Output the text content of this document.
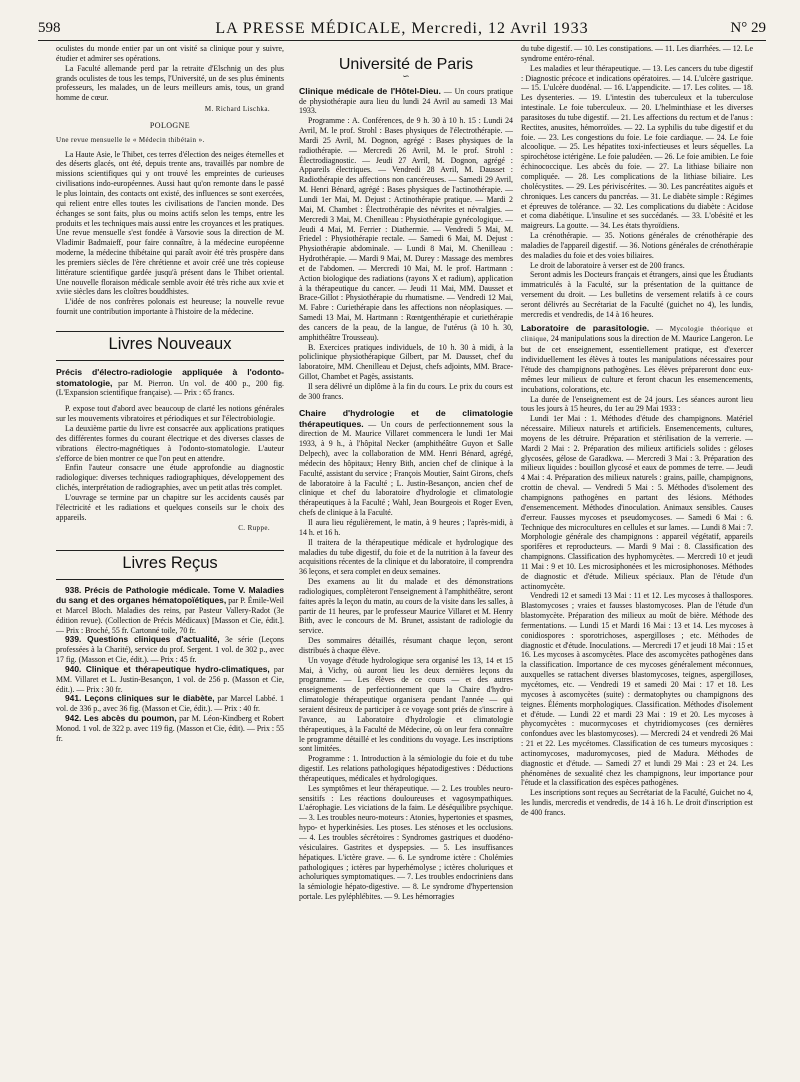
598	LA PRESSE MÉDICALE, Mercredi, 12 Avril 1933	N° 29

oculistes du monde entier par un ont visité sa clinique pour y suivre, étudier et admirer ses opérations.

La Faculté allemande perd par la retraite d'Elschnig un des plus grands oculistes de tous les temps, l'Université, un de ses plus éminents professeurs, les malades, un de leurs meilleurs amis, tous, un grand homme de cœur.

M. Richard Lischka.
POLOGNE
Une revue mensuelle le « Médecin thibétain ».

La Haute Asie, le Thibet, ces terres d'élection des neiges éternelles et des déserts glacés, ont été, depuis trente ans, travaillés par nombre de missions scientifiques qui y ont trouvé les empreintes de curieuses civilisations indo-européennes. Aussi haut qu'on remonte dans le passé le plus lointain, des contacts ont existé, des influences se sont exercées, qui relient entre elles toutes les civilisations de l'ancien monde. Des échanges se sont faits, plus ou moins actifs selon les temps, entre les produits et les techniques mais aussi entre les croyances et les pratiques. Une revue mensuelle s'est fondée à Varsovie sous la direction de M. Vladimir Badmaieff, pour faire connaître, à la médecine européenne moderne, la médecine thibétaine qui paraît avoir été très prospère dans les premiers siècles de l'ère chrétienne et avoir créé une très copieuse littérature scientifique gardée jusqu'à présent dans le Thibet oriental. Une nouvelle floraison médicale semble avoir été très riche aux xvie et xviie siècles dans les cloîtres bouddhistes.

L'idée de nos confrères polonais est heureuse; la nouvelle revue fournit une contribution importante à l'histoire de la médecine.

Livres Nouveaux

Précis d'électro-radiologie appliquée à l'odonto-stomatologie, par M. Pierron. Un vol. de 400 p., 200 fig. (L'Expansion scientifique française). — Prix : 65 francs.

P. expose tout d'abord avec beaucoup de clarté les notions générales sur les mouvements vibratoires et périodiques et sur l'électrobiologie.

La deuxième partie du livre est consacrée aux applications pratiques des différentes formes du courant électrique et des diverses classes de vibrations électro-magnétiques à l'odonto-stomatologie. L'auteur s'efforce de bien montrer ce que l'on peut en attendre.

Enfin l'auteur consacre une étude approfondie au diagnostic radiologique: diverses techniques radiographiques, développement des clichés, interprétation de radiographies, avec un petit atlas très complet.

L'ouvrage se termine par un chapitre sur les accidents causés par l'électricité et les radiations et quelques conseils sur le choix des appareils.

C. Ruppe.
Livres Reçus

938. Précis de Pathologie médicale. Tome V. Maladies du sang et des organes hématopoïétiques, par P. Émile-Weil et Marcel Bloch. Maladies des reins, par Pasteur Vallery-Radot (3e édition revue). (Collection de Précis Médicaux) [Masson et Cie, édit.]. — Prix : Broché, 55 fr. Cartonné toile, 70 fr.

939. Questions cliniques d'actualité, 3e série (Leçons professées à la Charité), service du prof. Sergent. 1 vol. de 302 p., avec 17 fig. (Masson et Cie, édit.). — Prix : 45 fr.

940. Clinique et thérapeutique hydro-climatiques, par MM. Villaret et L. Justin-Besançon, 1 vol. de 256 p. (Masson et Cie, édit.). — Prix : 30 fr.

941. Leçons cliniques sur le diabète, par Marcel Labbé. 1 vol. de 336 p., avec 36 fig. (Masson et Cie, édit.). — Prix : 40 fr.

942. Les abcès du poumon, par M. Léon-Kindberg et Robert Monod. 1 vol. de 322 p. avec 119 fig. (Masson et Cie, édit). — Prix : 55 fr.

Université de Paris
∽

Clinique médicale de l'Hôtel-Dieu. — Un cours pratique de physiothérapie aura lieu du lundi 24 Avril au samedi 13 Mai 1933.

Programme : A. Conférences, de 9 h. 30 à 10 h. 15 : Lundi 24 Avril, M. le prof. Strohl : Bases physiques de l'électrothérapie. — Mardi 25 Avril, M. Dognon, agrégé : Bases physiques de la radiothérapie. — Mercredi 26 Avril, M. le prof. Strohl : Électrodiagnostic. — Jeudi 27 Avril, M. Dognon, agrégé : Appareils électriques. — Vendredi 28 Avril, M. Dausset : Radiothérapie des affections non cancéreuses. — Samedi 29 Avril, M. Henri Bénard, agrégé : Bases physiques de l'actinothérapie. — Lundi 1er Mai, M. Dejust : Actinothérapie pratique. — Mardi 2 Mai, M. Chambet : Électrothérapie des névrites et névralgies. — Mercredi 3 Mai, M. Chenilleau : Physiothérapie gynécologique. — Jeudi 4 Mai, M. Ferrier : Diathermie. — Vendredi 5 Mai, M. Friedel : Physiothérapie rectale. — Samedi 6 Mai, M. Dejust : Physiothérapie abdominale. — Lundi 8 Mai, M. Chenilleau : Hydrothérapie. — Mardi 9 Mai, M. Durey : Massage des membres et de l'abdomen. — Mercredi 10 Mai, M. le prof. Hartmann : Action biologique des radiations (rayons X et radium), application à la thérapeutique du cancer. — Jeudi 11 Mai, MM. Dausset et Brace-Gillot : Physiothérapie du rhumatisme. — Vendredi 12 Mai, M. Fabre : Curiethérapie dans les affections non néoplasiques. — Samedi 13 Mai, M. Hartmann : Rœntgenthérapie et curiethérapie des cancers de la peau, de la langue, de l'utérus (à 10 h. 30, amphithéâtre Trousseau).

B. Exercices pratiques individuels, de 10 h. 30 à midi, à la policlinique physiothérapique Gilbert, par M. Dausset, chef du laboratoire, MM. Chenilleau et Dejust, chefs adjoints, MM. Brace-Gillot, Chambet et Pagès, assistants.

Il sera délivré un diplôme à la fin du cours. Le prix du cours est de 300 francs.

Chaire d'hydrologie et de climatologie thérapeutiques. — Un cours de perfectionnement sous la direction de M. Maurice Villaret commencera le lundi 1er Mai 1933, à 9 h., à l'hôpital Necker (amphithéâtre Guyon et Salle Delpech), avec la collaboration de MM. Henri Bénard, agrégé, médecin des hôpitaux; Henry Bith, ancien chef de clinique à la Faculté, assistant du service ; François Moutier, Saint Girons, chefs de laboratoire à la Faculté ; L. Justin-Besançon, ancien chef de clinique et chef du laboratoire d'hydrologie et climatologie thérapeutiques à la Faculté ; Wahl, Jean Bourgeois et Roger Even, chefs de clinique à la Faculté.

Il aura lieu régulièrement, le matin, à 9 heures ; l'après-midi, à 14 h. et 16 h.

Il traitera de la thérapeutique médicale et hydrologique des maladies du tube digestif, du foie et de la nutrition à la faveur des acquisitions récentes de la clinique et du laboratoire, il comprendra 36 leçons, et sera complet en deux semaines.

Des examens au lit du malade et des démonstrations radiologiques, complèteront l'enseignement à l'amphithéâtre, seront faites après la leçon du matin, au cours de la visite dans les salles, à partir de 11 heures, par le professeur Maurice Villaret et M. Henry Bith, avec le concours de M. Brunet, assistant de radiologie du service.

Des sommaires détaillés, résumant chaque leçon, seront distribués à chaque élève.

Un voyage d'étude hydrologique sera organisé les 13, 14 et 15 Mai, à Vichy, où auront lieu les deux dernières leçons du programme. — Les élèves de ce cours — et des autres enseignements de perfectionnement que la Chaire d'hydro-climatologie thérapeutique organisera pendant l'année — qui seraient désireux de participer à ce voyage sont priés de s'inscrire à l'avance, au Laboratoire d'hydrologie et climatologie thérapeutiques, à la Faculté de Médecine, où on leur fera connaître le programme détaillé et les conditions du voyage. Les inscriptions sont limitées.

Programme : 1. Introduction à la sémiologie du foie et du tube digestif. Les relations pathologiques hépatodigestives : Déductions thérapeutiques, médicales et hydrologiques.

Les symptômes et leur thérapeutique. — 2. Les troubles neuro-sensitifs : Les réactions douloureuses et vagosympathiques. L'aérophagie. Les viciations de la faim. Le déséquilibre psychique. — 3. Les troubles neuro-moteurs : Atonies, hypertonies et spasmes, hypo- et hyperkinésies. Les ptoses. Les sténoses et les occlusions. — 4. Les troubles sécrétoires : Syndromes gastriques et duodéno-vésiculaires. Gastrites et dyspepsies. — 5. Les insuffisances hépatiques. L'ictère grave. — 6. Le syndrome ictère : Cholémies pathologiques ; ictères par hyperhémolyse ; ictères choluriques et acholuriques symptomatiques. — 7. Les troubles endocriniens dans la sémiologie hépato-digestive. — 8. Le syndrome d'hypertension portale. Les pyléphlébites. — 9. Les hémorragies

du tube digestif. — 10. Les constipations. — 11. Les diarrhées. — 12. Le syndrome entéro-rénal.

Les maladies et leur thérapeutique. — 13. Les cancers du tube digestif : Diagnostic précoce et indications opératoires. — 14. L'ulcère gastrique. — 15. L'ulcère duodénal. — 16. L'appendicite. — 17. Les colites. — 18. Les dysenteries. — 19. L'intestin des tuberculeux et la tuberculose intestinale. Le foie tuberculeux. — 20. L'helminthiase et les diverses parasitoses du tube digestif. — 21. Les affections du rectum et de l'anus : Rectites, anusites, hémorroïdes. — 22. La syphilis du tube digestif et du foie. — 23. Les congestions du foie. Le foie cardiaque. — 24. Le foie alcoolique. — 25. Les hépatites toxi-infectieuses et leurs séquelles. La spirochétose ictérigène. Le foie paludéen. — 26. Le foie amibien. Le foie échinococcique. Les abcès du foie. — 27. La lithiase biliaire non compliquée. — 28. Les complications de la lithiase biliaire. Les cholécystites. — 29. Les périviscérites. — 30. Les pancréatites aiguës et chroniques. Les cancers du pancréas. — 31. Le diabète simple : Régimes et épreuves de tolérance. — 32. Les complications du diabète : Acidose et coma diabétique. L'insuline et ses succédanés. — 33. L'obésité et les maigreurs. La goutte. — 34. Les états thyroïdiens.

La crénothérapie. — 35. Notions générales de crénothérapie des maladies de l'appareil digestif. — 36. Notions générales de crénothérapie des maladies du foie et des voies biliaires.

Le droit de laboratoire à verser est de 200 francs.

Seront admis les Docteurs français et étrangers, ainsi que les Étudiants immatriculés à la Faculté, sur la présentation de la quittance de versement du droit. — Les bulletins de versement relatifs à ce cours seront délivrés au Secrétariat de la Faculté (guichet no 4), les lundis, mercredis et vendredis, de 14 à 16 heures.

Laboratoire de parasitologie. — Mycologie théorique et clinique, 24 manipulations sous la direction de M. Maurice Langeron. Le but de cet enseignement, essentiellement pratique, est d'exercer individuellement les élèves à toutes les manipulations nécessaires pour l'étude des champignons pathogènes. Les élèves prépareront donc eux-mêmes leur milieux de culture et feront chacun les ensemencements, incubations, colorations, etc.

La durée de l'enseignement est de 24 jours. Les séances auront lieu tous les jours à 15 heures, du 1er au 29 Mai 1933 :

Lundi 1er Mai : 1. Méthodes d'étude des champignons. Matériel nécessaire. Milieux naturels et artificiels. Ensemencements, cultures, moyens de les détruire. Préparation et stérilisation de la verrerie. — Mardi 2 Mai : 2. Préparation des milieux artificiels solides : géloses glycosées, gélose de Garadkwa. — Mercredi 3 Mai : 3. Préparation des milieux liquides : bouillon glycosé et eaux de pommes de terre. — Jeudi 4 Mai : 4. Préparation des milieux naturels : grains, paille, champignons, crottin de cheval. — Vendredi 5 Mai : 5. Méthodes d'isolement des champignons pathogènes en partant des lésions. Méthodes d'ensemencement. Méthodes d'inoculation. Animaux sensibles. Causes d'erreur. Fausses mycoses et pseudomycoses. — Samedi 6 Mai : 6. Technique des microcultures en cellules et sur lames. — Lundi 8 Mai : 7. Morphologie générale des champignons : appareil végétatif, appareils sporifères et reproducteurs. — Mardi 9 Mai : 8. Classification des champignons. Classification des hyphomycètes. — Mercredi 10 et jeudi 11 Mai : 9 et 10. Les microsiphonées et les microsiphonoses. Méthodes de diagnostic et d'étude. Milieux spéciaux. Plan de l'étude d'un actinomycète.

Vendredi 12 et samedi 13 Mai : 11 et 12. Les mycoses à thallospores. Blastomycoses ; vraies et fausses blastomycoses. Plan de l'étude d'un blastomycète. Préparation des milieux au moût de bière. Méthode des fermentations. — Lundi 15 et Mardi 16 Mai : 13 et 14. Les mycoses à conidiospores : sporotrichoses, aspergilloses ; etc. Méthodes de diagnostic et d'étude. Inoculations. — Mercredi 17 et jeudi 18 Mai : 15 et 16. Les mycoses à ascomycètes. Place des ascomycètes pathogènes dans la classification. Importance de ces mycoses généralement méconnues, auxquelles se rattachent diverses blastomycoses, teignes, aspergilloses, mycétomes, etc. — Vendredi 19 et samedi 20 Mai : 17 et 18. Les mycoses à ascomycètes (suite) : dermatophytes ou champignons des teignes. Éléments morphologiques. Classification. Méthodes d'isolement et d'étude. — Lundi 22 et mardi 23 Mai : 19 et 20. Les mycoses à phycomycètes : mucormycoses et chytridiomycoses (ces dernières confondues avec les blastomycoses). — Mercredi 24 et vendredi 26 Mai : 21 et 22. Les mycétomes. Classification de ces tumeurs mycosiques : actinomycoses, maduromycoses, pied de Madura. Méthodes de diagnostic et d'étude. — Samedi 27 et lundi 29 Mai : 23 et 24. Les phénomènes de sexualité chez les champignons, leur importance pour l'étude et la classification des espèces pathogènes.

Les inscriptions sont reçues au Secrétariat de la Faculté, Guichet no 4, les lundis, mercredis et vendredis, de 14 à 16 h. Le droit d'inscription est de 400 francs.
